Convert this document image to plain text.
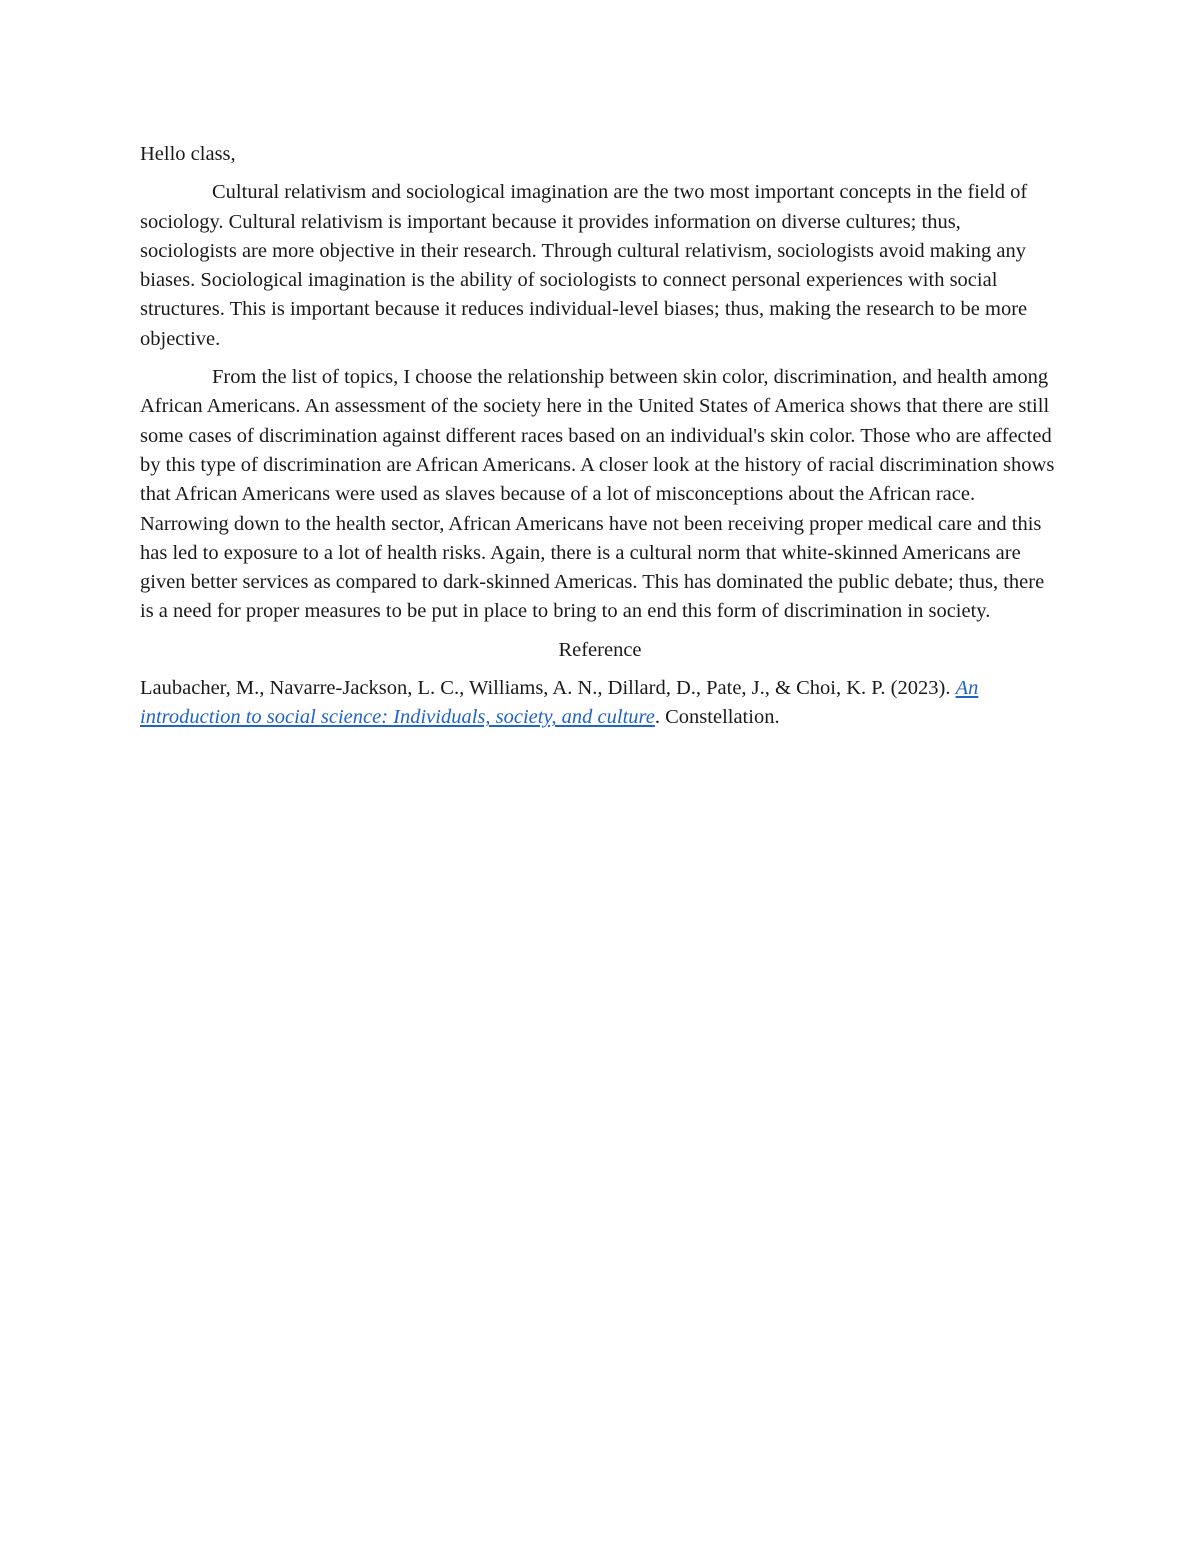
Hello class,

Cultural relativism and sociological imagination are the two most important concepts in the field of sociology. Cultural relativism is important because it provides information on diverse cultures; thus, sociologists are more objective in their research. Through cultural relativism, sociologists avoid making any biases. Sociological imagination is the ability of sociologists to connect personal experiences with social structures. This is important because it reduces individual-level biases; thus, making the research to be more objective.

From the list of topics, I choose the relationship between skin color, discrimination, and health among African Americans. An assessment of the society here in the United States of America shows that there are still some cases of discrimination against different races based on an individual's skin color. Those who are affected by this type of discrimination are African Americans. A closer look at the history of racial discrimination shows that African Americans were used as slaves because of a lot of misconceptions about the African race. Narrowing down to the health sector, African Americans have not been receiving proper medical care and this has led to exposure to a lot of health risks. Again, there is a cultural norm that white-skinned Americans are given better services as compared to dark-skinned Americas. This has dominated the public debate; thus, there is a need for proper measures to be put in place to bring to an end this form of discrimination in society.

Reference

Laubacher, M., Navarre-Jackson, L. C., Williams, A. N., Dillard, D., Pate, J., & Choi, K. P. (2023). An introduction to social science: Individuals, society, and culture. Constellation.
